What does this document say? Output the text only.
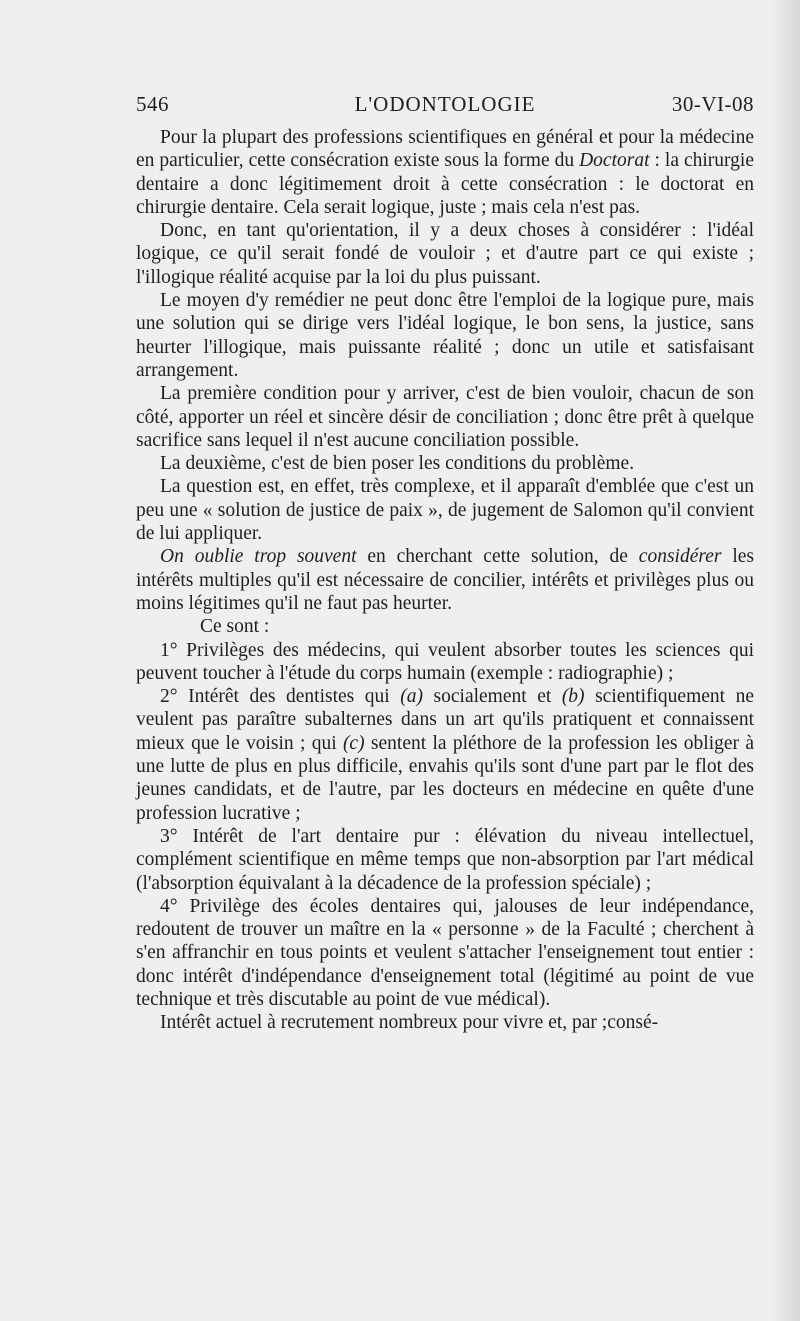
546	L'ODONTOLOGIE	30-VI-08

Pour la plupart des professions scientifiques en général et pour la médecine en particulier, cette consécration existe sous la forme du Doctorat : la chirurgie dentaire a donc légitimement droit à cette consécration : le doctorat en chirurgie dentaire. Cela serait logique, juste ; mais cela n'est pas.

Donc, en tant qu'orientation, il y a deux choses à considérer : l'idéal logique, ce qu'il serait fondé de vouloir ; et d'autre part ce qui existe ; l'illogique réalité acquise par la loi du plus puissant.

Le moyen d'y remédier ne peut donc être l'emploi de la logique pure, mais une solution qui se dirige vers l'idéal logique, le bon sens, la justice, sans heurter l'illogique, mais puissante réalité ; donc un utile et satisfaisant arrangement.

La première condition pour y arriver, c'est de bien vouloir, chacun de son côté, apporter un réel et sincère désir de conciliation ; donc être prêt à quelque sacrifice sans lequel il n'est aucune conciliation possible.

La deuxième, c'est de bien poser les conditions du problème.

La question est, en effet, très complexe, et il apparaît d'emblée que c'est un peu une « solution de justice de paix », de jugement de Salomon qu'il convient de lui appliquer.

On oublie trop souvent en cherchant cette solution, de considérer les intérêts multiples qu'il est nécessaire de concilier, intérêts et privilèges plus ou moins légitimes qu'il ne faut pas heurter.

Ce sont :

1° Privilèges des médecins, qui veulent absorber toutes les sciences qui peuvent toucher à l'étude du corps humain (exemple : radiographie) ;

2° Intérêt des dentistes qui (a) socialement et (b) scientifiquement ne veulent pas paraître subalternes dans un art qu'ils pratiquent et connaissent mieux que le voisin ; qui (c) sentent la pléthore de la profession les obliger à une lutte de plus en plus difficile, envahis qu'ils sont d'une part par le flot des jeunes candidats, et de l'autre, par les docteurs en médecine en quête d'une profession lucrative ;

3° Intérêt de l'art dentaire pur : élévation du niveau intellectuel, complément scientifique en même temps que non-absorption par l'art médical (l'absorption équivalant à la décadence de la profession spéciale) ;

4° Privilège des écoles dentaires qui, jalouses de leur indépendance, redoutent de trouver un maître en la « personne » de la Faculté ; cherchent à s'en affranchir en tous points et veulent s'attacher l'enseignement tout entier : donc intérêt d'indépendance d'enseignement total (légitimé au point de vue technique et très discutable au point de vue médical).

Intérêt actuel à recrutement nombreux pour vivre et, par ;consé-
